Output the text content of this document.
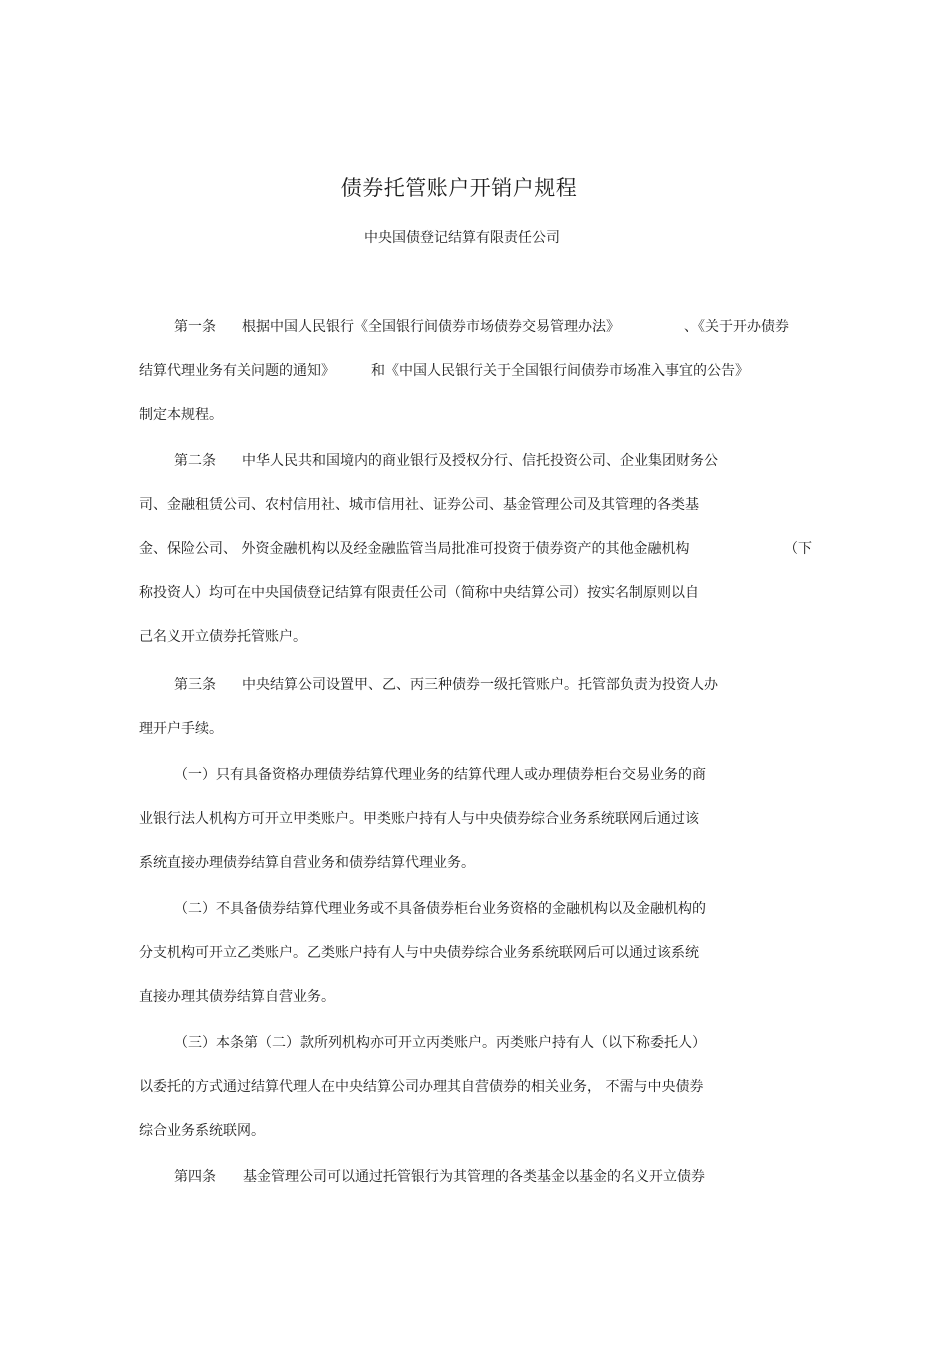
债券托管账户开销户规程
中央国债登记结算有限责任公司
第一条 根据中国人民银行《全国银行间债券市场债券交易管理办法》	、《关于开办债券
结算代理业务有关问题的通知》	和《中国人民银行关于全国银行间债券市场准入事宜的公告》
制定本规程。
第二条 中华人民共和国境内的商业银行及授权分行、信托投资公司、企业集团财务公
司、金融租赁公司、农村信用社、城市信用社、证券公司、基金管理公司及其管理的各类基
金、保险公司、 外资金融机构以及经金融监管当局批准可投资于债券资产的其他金融机构	（下
称投资人）均可在中央国债登记结算有限责任公司（简称中央结算公司）按实名制原则以自
己名义开立债券托管账户。
第三条 中央结算公司设置甲、乙、丙三种债券一级托管账户。托管部负责为投资人办
理开户手续。
（一）只有具备资格办理债券结算代理业务的结算代理人或办理债券柜台交易业务的商
业银行法人机构方可开立甲类账户。甲类账户持有人与中央债券综合业务系统联网后通过该
系统直接办理债券结算自营业务和债券结算代理业务。
（二）不具备债券结算代理业务或不具备债券柜台业务资格的金融机构以及金融机构的
分支机构可开立乙类账户。乙类账户持有人与中央债券综合业务系统联网后可以通过该系统
直接办理其债券结算自营业务。
（三）本条第（二）款所列机构亦可开立丙类账户。丙类账户持有人（以下称委托人）
以委托的方式通过结算代理人在中央结算公司办理其自营债券的相关业务， 不需与中央债券
综合业务系统联网。
第四条 基金管理公司可以通过托管银行为其管理的各类基金以基金的名义开立债券
